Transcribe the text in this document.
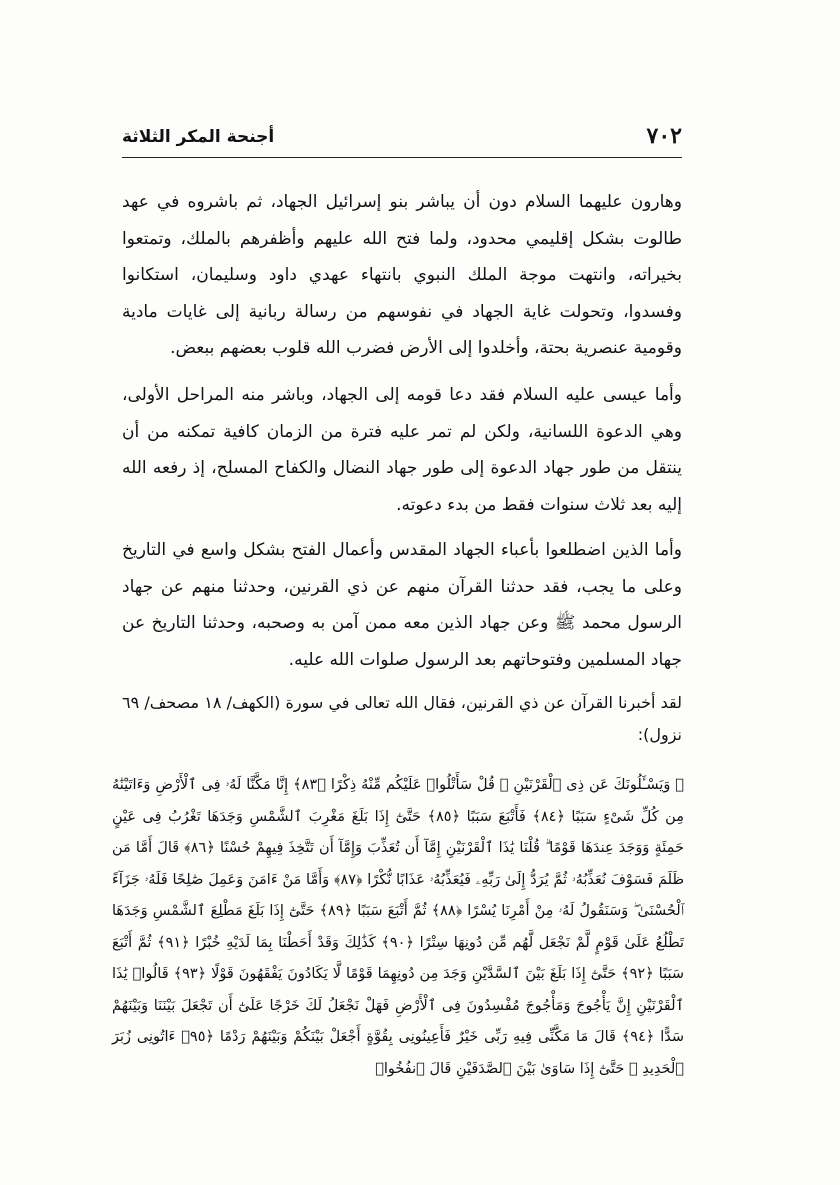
٧٠٢
أجنحة المكر الثلاثة

وهارون عليهما السلام دون أن يباشر بنو إسرائيل الجهاد، ثم باشروه في عهد طالوت بشكل إقليمي محدود، ولما فتح الله عليهم وأظفرهم بالملك، وتمتعوا بخيراته، وانتهت موجة الملك النبوي بانتهاء عهدي داود وسليمان، استكانوا وفسدوا، وتحولت غاية الجهاد في نفوسهم من رسالة ربانية إلى غايات مادية وقومية عنصرية بحتة، وأخلدوا إلى الأرض فضرب الله قلوب بعضهم ببعض.

وأما عيسى عليه السلام فقد دعا قومه إلى الجهاد، وباشر منه المراحل الأولى، وهي الدعوة اللسانية، ولكن لم تمر عليه فترة من الزمان كافية تمكنه من أن ينتقل من طور جهاد الدعوة إلى طور جهاد النضال والكفاح المسلح، إذ رفعه الله إليه بعد ثلاث سنوات فقط من بدء دعوته.

وأما الذين اضطلعوا بأعباء الجهاد المقدس وأعمال الفتح بشكل واسع في التاريخ وعلى ما يجب، فقد حدثنا القرآن منهم عن ذي القرنين، وحدثنا منهم عن جهاد الرسول محمد ﷺ وعن جهاد الذين معه ممن آمن به وصحبه، وحدثنا التاريخ عن جهاد المسلمين وفتوحاتهم بعد الرسول صلوات الله عليه.

لقد أخبرنا القرآن عن ذي القرنين، فقال الله تعالى في سورة (الكهف/ ١٨ مصحف/ ٦٩ نزول):

﴿ وَيَسْـَٔلُونَكَ عَن ذِى ٱلْقَرْنَيْنِ ۖ قُلْ سَأَتْلُوا۟ عَلَيْكُم مِّنْهُ ذِكْرًا ﴿٨٣﴾ إِنَّا مَكَّنَّا لَهُۥ فِى ٱلْأَرْضِ وَءَاتَيْنَٰهُ مِن كُلِّ شَىْءٍ سَبَبًا ﴿٨٤﴾ فَأَتْبَعَ سَبَبًا ﴿٨٥﴾ حَتَّىٰٓ إِذَا بَلَغَ مَغْرِبَ ٱلشَّمْسِ وَجَدَهَا تَغْرُبُ فِى عَيْنٍ حَمِئَةٍ وَوَجَدَ عِندَهَا قَوْمًا ۗ قُلْنَا يَٰذَا ٱلْقَرْنَيْنِ إِمَّآ أَن تُعَذِّبَ وَإِمَّآ أَن تَتَّخِذَ فِيهِمْ حُسْنًا ﴿٨٦﴾ قَالَ أَمَّا مَن ظَلَمَ فَسَوْفَ نُعَذِّبُهُۥ ثُمَّ يُرَدُّ إِلَىٰ رَبِّهِۦ فَيُعَذِّبُهُۥ عَذَابًا نُّكْرًا ﴿٨٧﴾ وَأَمَّا مَنْ ءَامَنَ وَعَمِلَ صَٰلِحًا فَلَهُۥ جَزَآءً ٱلْحُسْنَىٰ ۖ وَسَنَقُولُ لَهُۥ مِنْ أَمْرِنَا يُسْرًا ﴿٨٨﴾ ثُمَّ أَتْبَعَ سَبَبًا ﴿٨٩﴾ حَتَّىٰٓ إِذَا بَلَغَ مَطْلِعَ ٱلشَّمْسِ وَجَدَهَا تَطْلُعُ عَلَىٰ قَوْمٍ لَّمْ نَجْعَل لَّهُم مِّن دُونِهَا سِتْرًا ﴿٩٠﴾ كَذَٰلِكَ وَقَدْ أَحَطْنَا بِمَا لَدَيْهِ خُبْرًا ﴿٩١﴾ ثُمَّ أَتْبَعَ سَبَبًا ﴿٩٢﴾ حَتَّىٰٓ إِذَا بَلَغَ بَيْنَ ٱلسَّدَّيْنِ وَجَدَ مِن دُونِهِمَا قَوْمًا لَّا يَكَادُونَ يَفْقَهُونَ قَوْلًا ﴿٩٣﴾ قَالُوا۟ يَٰذَا ٱلْقَرْنَيْنِ إِنَّ يَأْجُوجَ وَمَأْجُوجَ مُفْسِدُونَ فِى ٱلْأَرْضِ فَهَلْ نَجْعَلُ لَكَ خَرْجًا عَلَىٰٓ أَن تَجْعَلَ بَيْنَنَا وَبَيْنَهُمْ سَدًّا ﴿٩٤﴾ قَالَ مَا مَكَّنِّى فِيهِ رَبِّى خَيْرٌ فَأَعِينُونِى بِقُوَّةٍ أَجْعَلْ بَيْنَكُمْ وَبَيْنَهُمْ رَدْمًا ﴿٩٥﴾ ءَاتُونِى زُبَرَ ٱلْحَدِيدِ ۖ حَتَّىٰٓ إِذَا سَاوَىٰ بَيْنَ ٱلصَّدَفَيْنِ قَالَ ٱنفُخُوا۟
